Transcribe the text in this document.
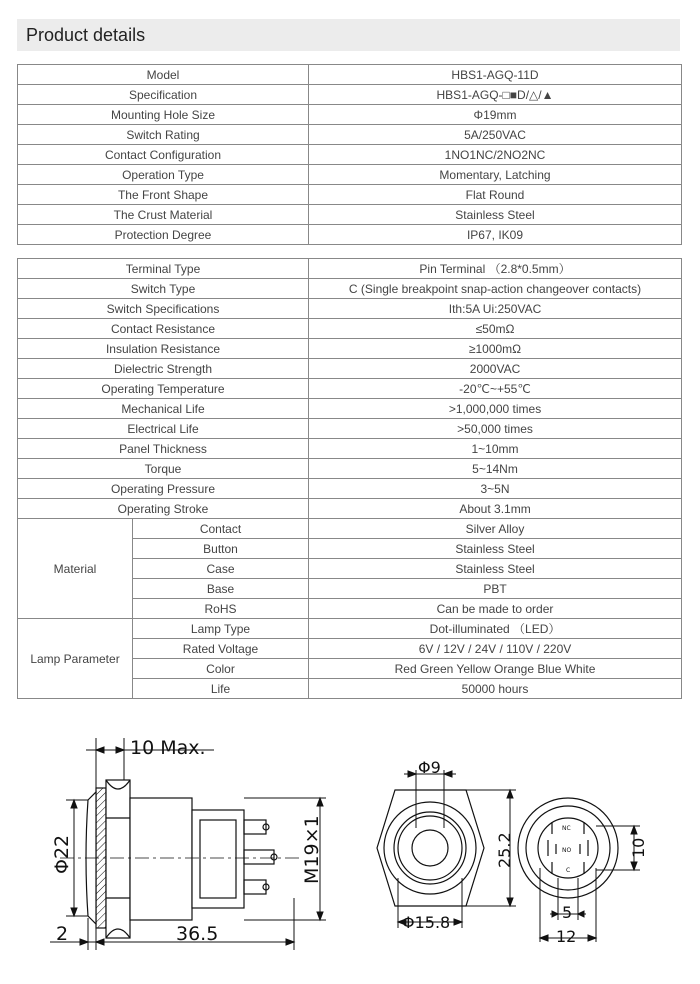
Product details
Model	HBS1-AGQ-11D
Specification	HBS1-AGQ-□■D/△/▲
Mounting Hole Size	Φ19mm
Switch Rating	5A/250VAC
Contact Configuration	1NO1NC/2NO2NC
Operation Type	Momentary, Latching
The Front Shape	Flat Round
The Crust Material	Stainless Steel
Protection Degree	IP67, IK09
Terminal Type		Pin Terminal （2.8*0.5mm）
Switch Type		C (Single breakpoint snap-action changeover contacts)
Switch Specifications		Ith:5A Ui:250VAC
Contact Resistance		≤50mΩ
Insulation Resistance		≥1000mΩ
Dielectric Strength		2000VAC
Operating Temperature		-20℃~+55℃
Mechanical Life		>1,000,000 times
Electrical Life		>50,000 times
Panel Thickness		1~10mm
Torque		5~14Nm
Operating Pressure		3~5N
Operating Stroke		About 3.1mm
Material	Contact	Silver Alloy
	Button	Stainless Steel
	Case	Stainless Steel
	Base	PBT
	RoHS	Can be made to order
Lamp Parameter	Lamp Type	Dot-illuminated （LED）
	Rated Voltage	6V / 12V / 24V / 110V / 220V
	Color	Red Green Yellow Orange Blue White
	Life	50000 hours
10 Max.
Φ22	M19×1
2	36.5
Φ9
Φ15.8
25.2
NC
NO
C
5
12
10
